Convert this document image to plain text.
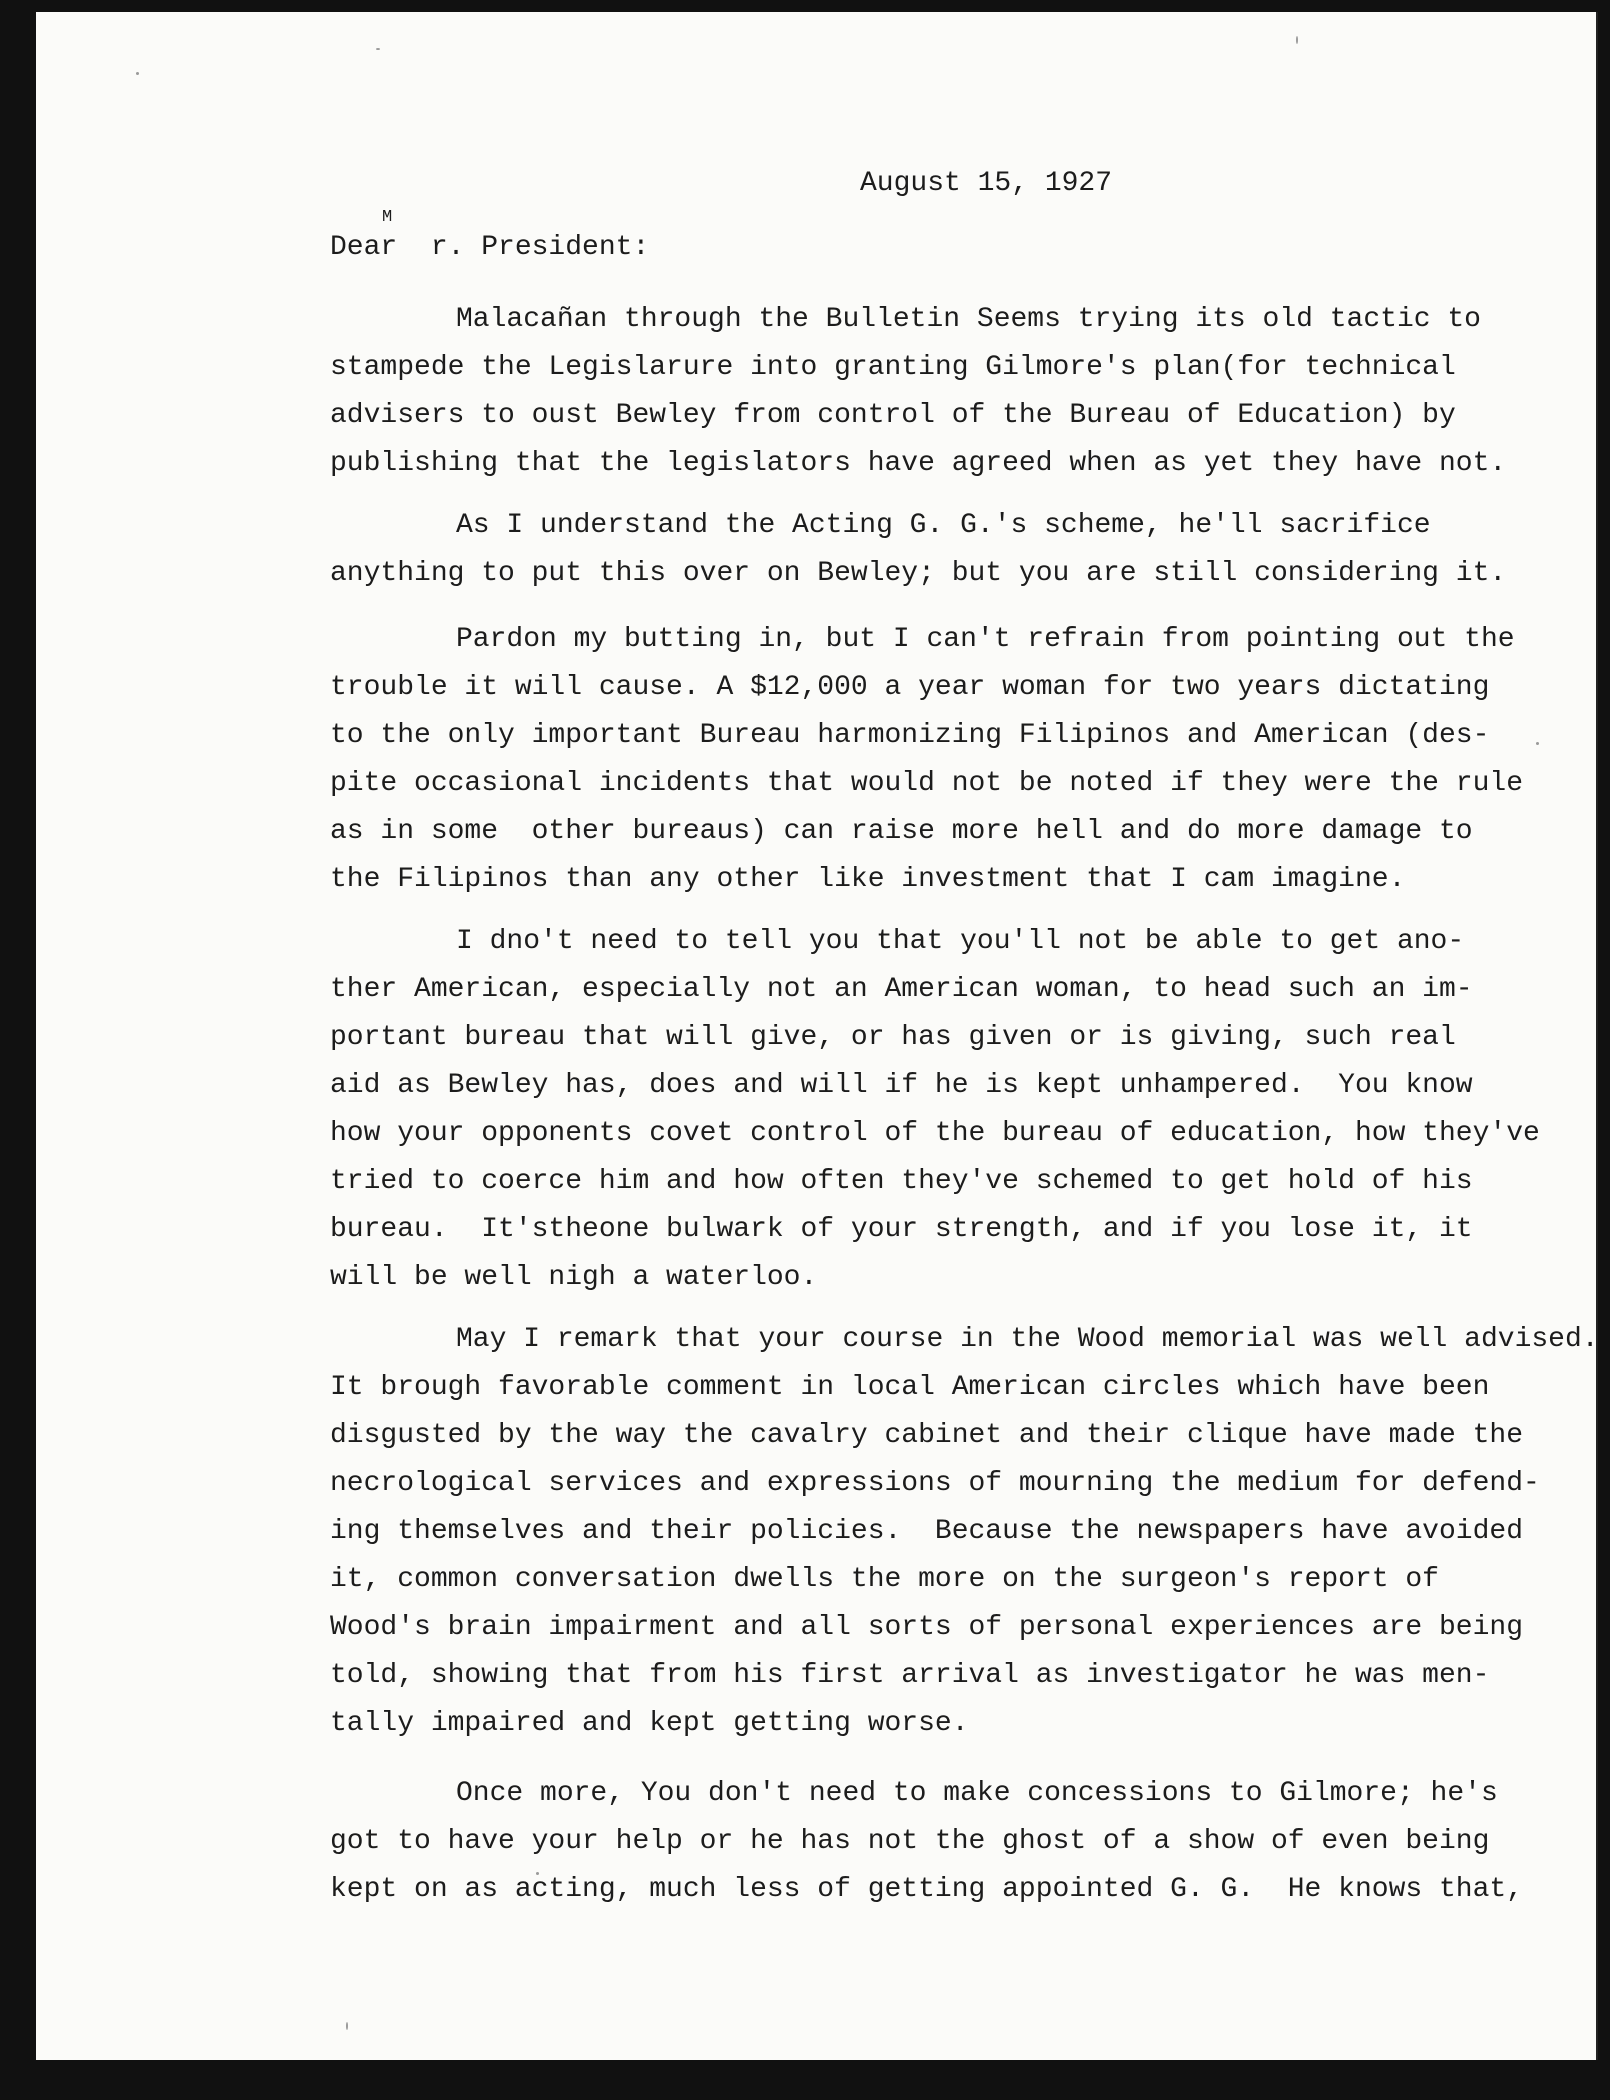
August 15, 1927
M
Dear  r. President:
Malacañan through the Bulletin Seems trying its old tactic to
stampede the Legislarure into granting Gilmore's plan(for technical
advisers to oust Bewley from control of the Bureau of Education) by
publishing that the legislators have agreed when as yet they have not.
As I understand the Acting G. G.'s scheme, he'll sacrifice
anything to put this over on Bewley; but you are still considering it.
Pardon my butting in, but I can't refrain from pointing out the
trouble it will cause. A $12,000 a year woman for two years dictating
to the only important Bureau harmonizing Filipinos and American (des-
pite occasional incidents that would not be noted if they were the rule
as in some  other bureaus) can raise more hell and do more damage to
the Filipinos than any other like investment that I cam imagine.
I dno't need to tell you that you'll not be able to get ano-
ther American, especially not an American woman, to head such an im-
portant bureau that will give, or has given or is giving, such real
aid as Bewley has, does and will if he is kept unhampered.  You know
how your opponents covet control of the bureau of education, how they've
tried to coerce him and how often they've schemed to get hold of his
bureau.  It'stheone bulwark of your strength, and if you lose it, it
will be well nigh a waterloo.
May I remark that your course in the Wood memorial was well advised.
It brough favorable comment in local American circles which have been
disgusted by the way the cavalry cabinet and their clique have made the
necrological services and expressions of mourning the medium for defend-
ing themselves and their policies.  Because the newspapers have avoided
it, common conversation dwells the more on the surgeon's report of
Wood's brain impairment and all sorts of personal experiences are being
told, showing that from his first arrival as investigator he was men-
tally impaired and kept getting worse.
Once more, You don't need to make concessions to Gilmore; he's
got to have your help or he has not the ghost of a show of even being
kept on as acting, much less of getting appointed G. G.  He knows that,
